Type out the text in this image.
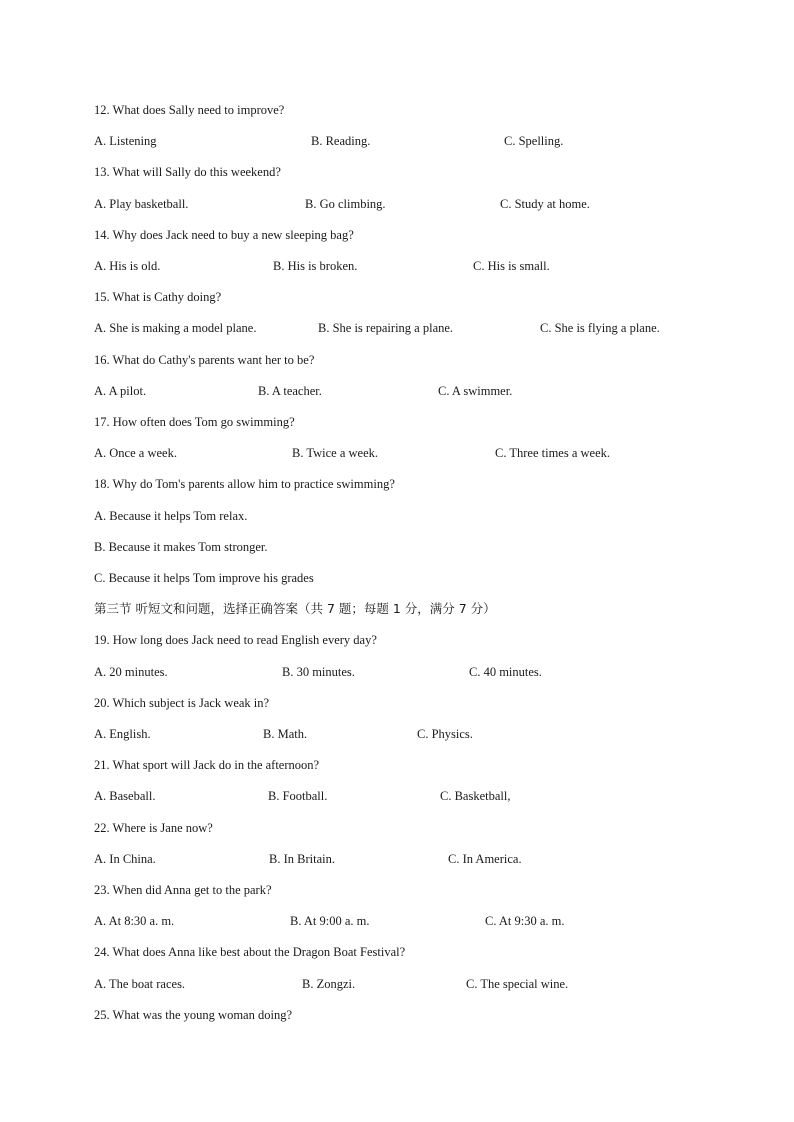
12. What does Sally need to improve?
A. Listening	B. Reading.	C. Spelling.
13. What will Sally do this weekend?
A. Play basketball.	B. Go climbing.	C. Study at home.
14. Why does Jack need to buy a new sleeping bag?
A. His is old.	B. His is broken.	C. His is small.
15. What is Cathy doing?
A. She is making a model plane.	B. She is repairing a plane.	C. She is flying a plane.
16. What do Cathy's parents want her to be?
A. A pilot.	B. A teacher.	C. A swimmer.
17. How often does Tom go swimming?
A. Once a week.	B. Twice a week.	C. Three times a week.
18. Why do Tom's parents allow him to practice swimming?
A. Because it helps Tom relax.
B. Because it makes Tom stronger.
C. Because it helps Tom improve his grades
第三节 听短文和问题，选择正确答案（共 7 题；每题 1 分，满分 7 分）
19. How long does Jack need to read English every day?
A. 20 minutes.	B. 30 minutes.	C. 40 minutes.
20. Which subject is Jack weak in?
A. English.	B. Math.	C. Physics.
21. What sport will Jack do in the afternoon?
A. Baseball.	B. Football.	C. Basketball,
22. Where is Jane now?
A. In China.	B. In Britain.	C. In America.
23. When did Anna get to the park?
A. At 8:30 a. m.	B. At 9:00 a. m.	C. At 9:30 a. m.
24. What does Anna like best about the Dragon Boat Festival?
A. The boat races.	B. Zongzi.	C. The special wine.
25. What was the young woman doing?
